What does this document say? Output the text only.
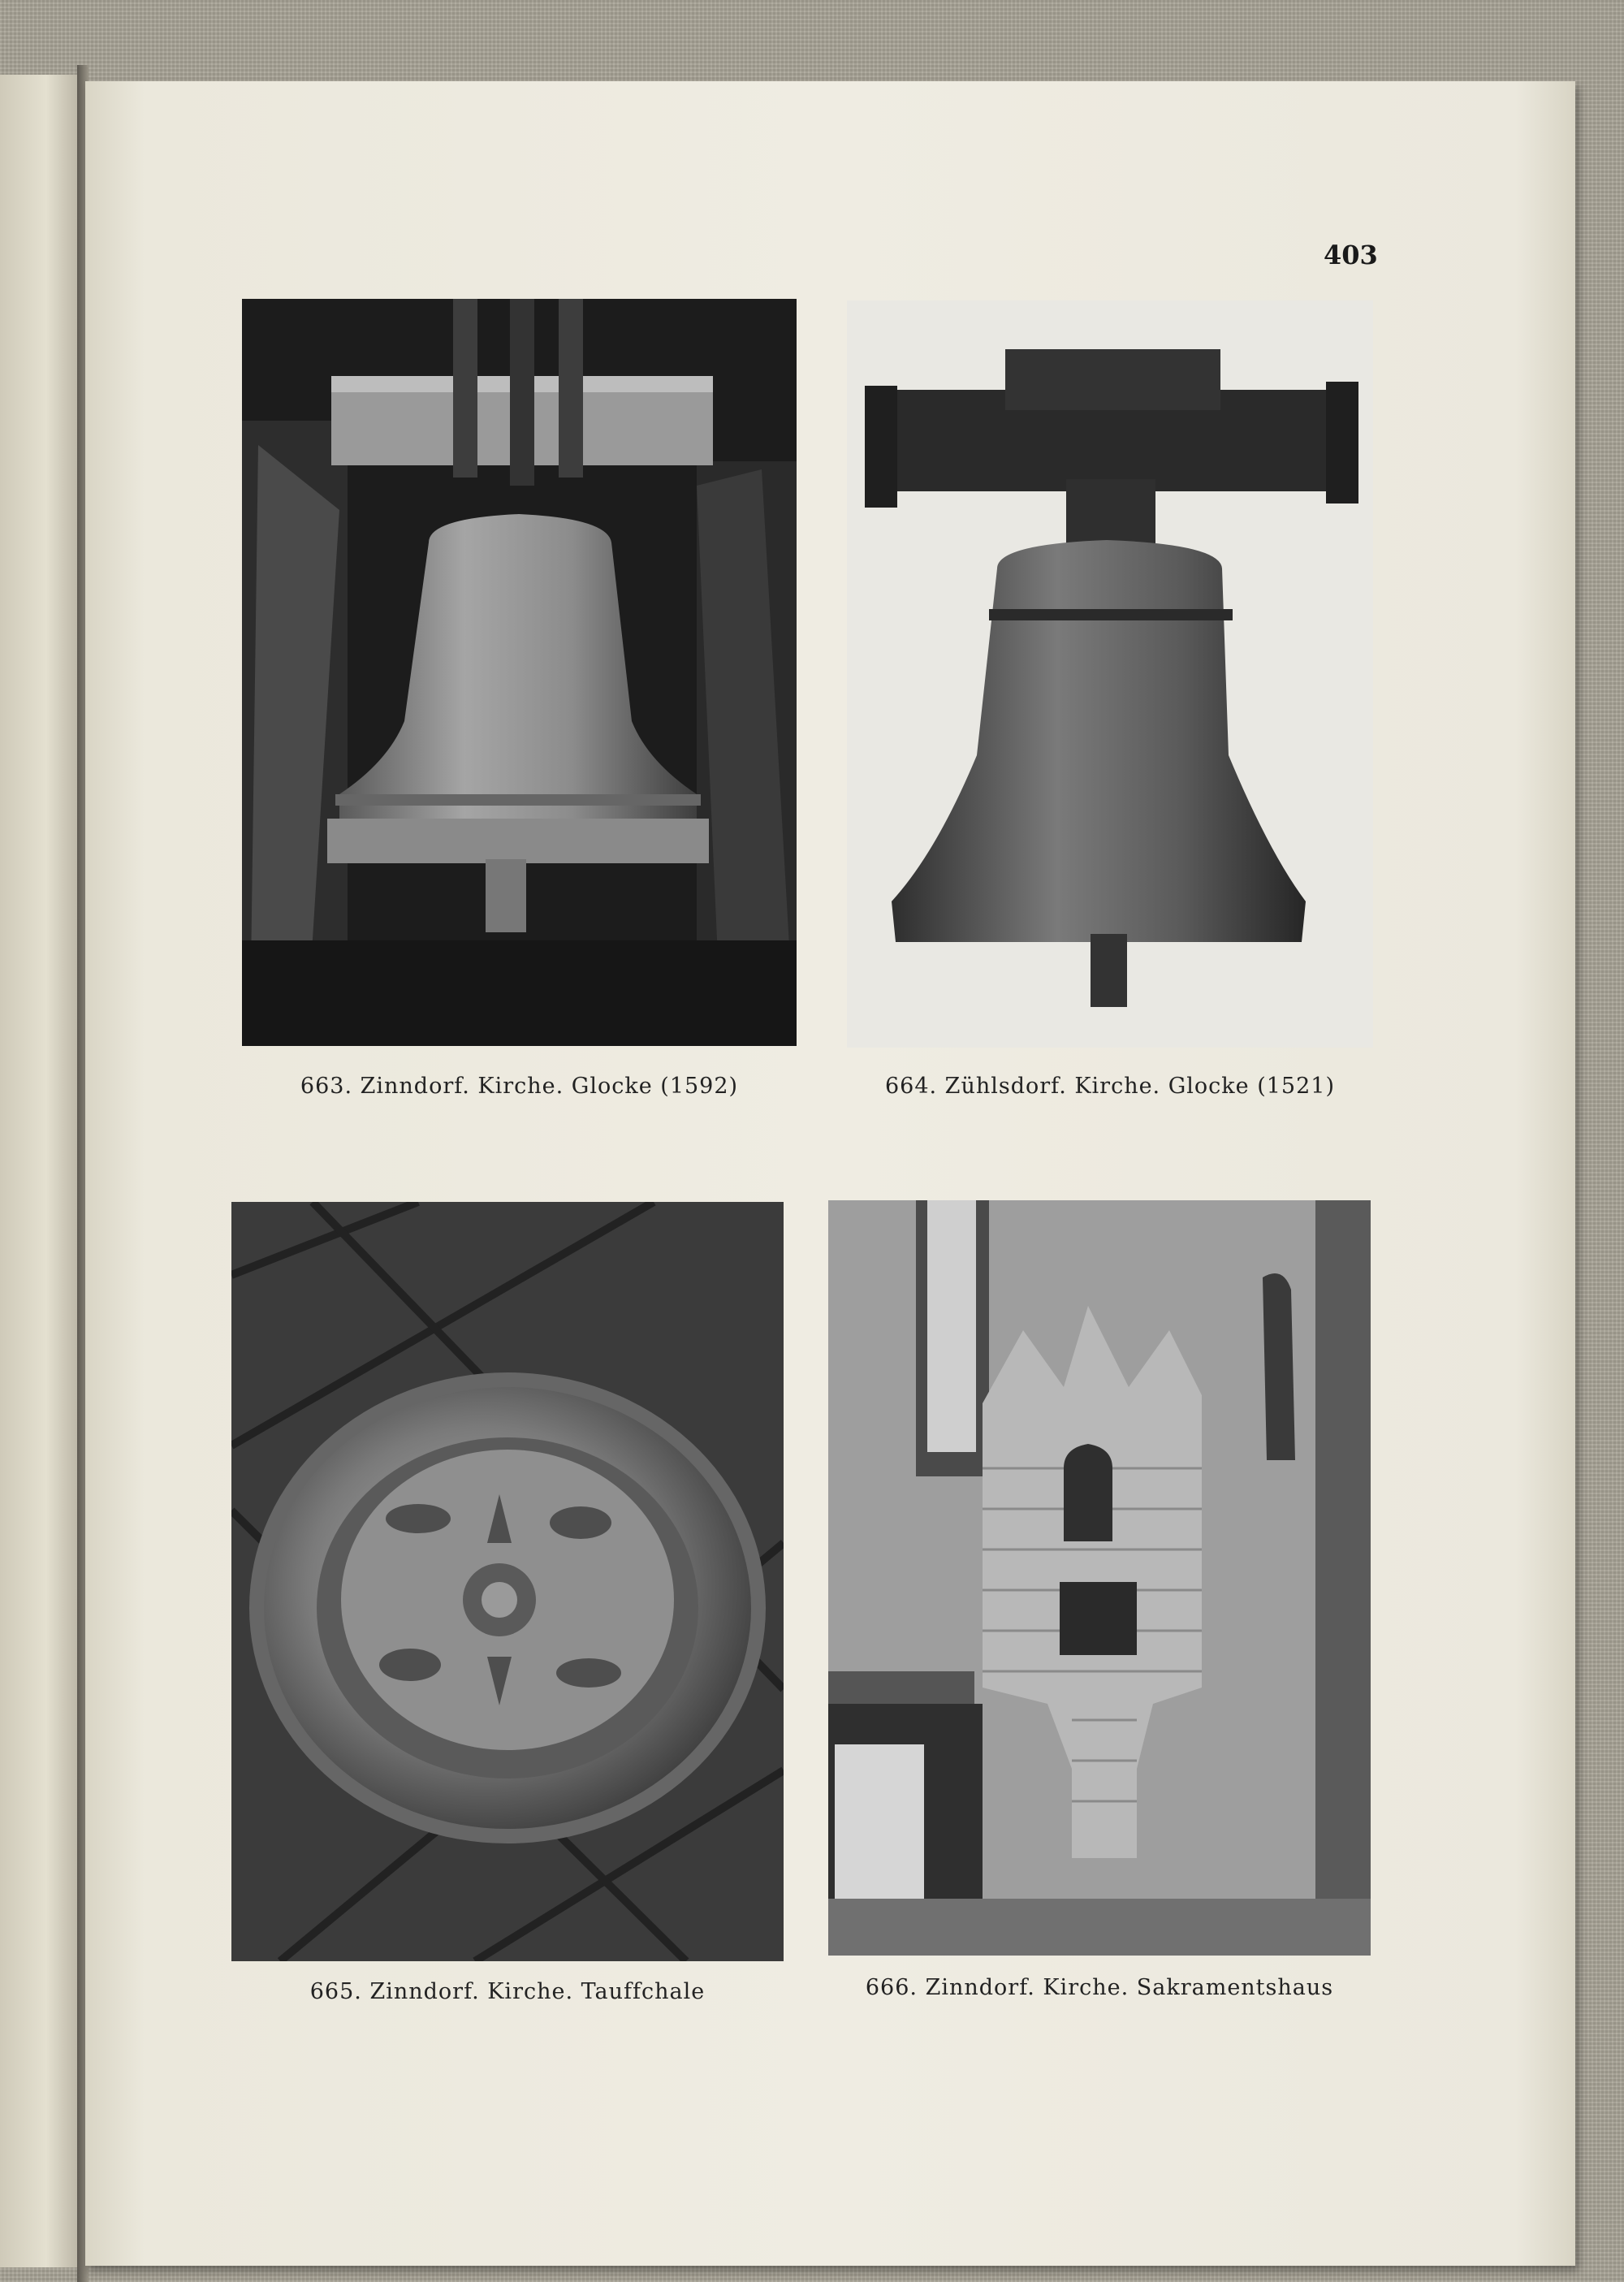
403
663. Zinndorf. Kirche. Glocke (1592)	664. Zühlsdorf. Kirche. Glocke (1521)
665. Zinndorf. Kirche. Tauffchale	666. Zinndorf. Kirche. Sakramentshaus
